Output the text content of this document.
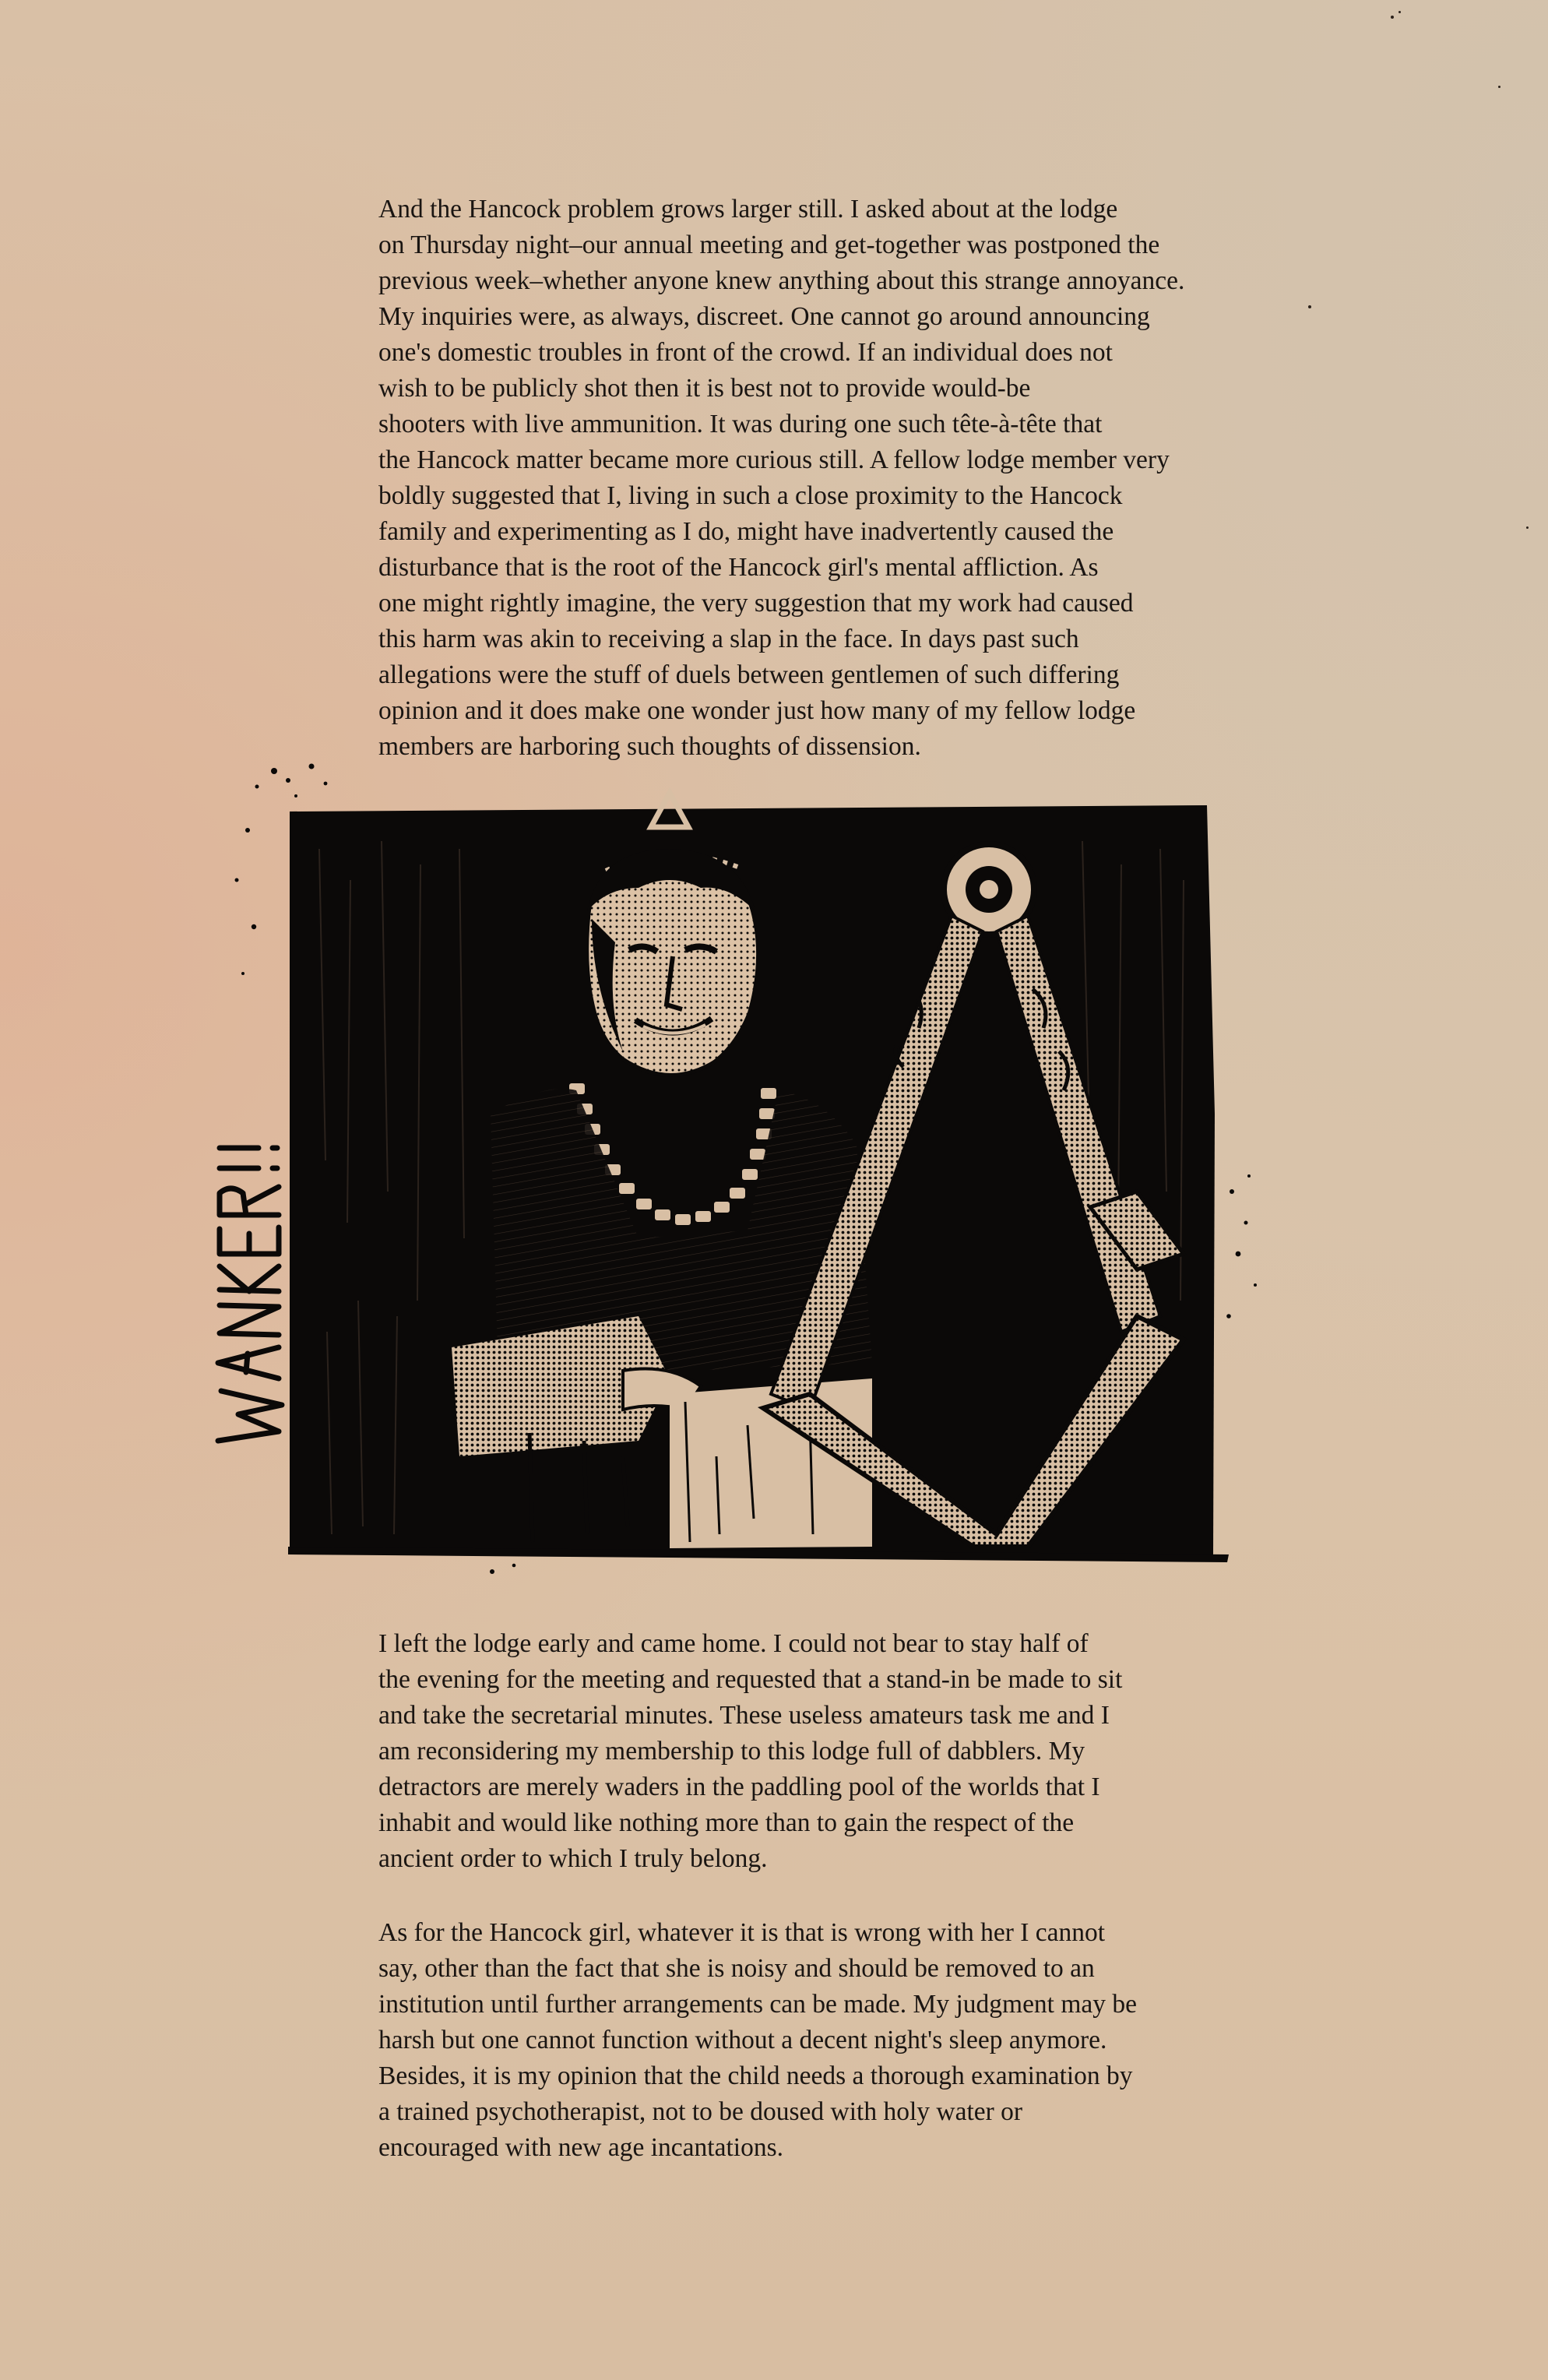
And the Hancock problem grows larger still. I asked about at the lodge
on Thursday night–our annual meeting and get-together was postponed the
previous week–whether anyone knew anything about this strange annoyance.
My inquiries were, as always, discreet. One cannot go around announcing
one's domestic troubles in front of the crowd. If an individual does not
wish to be publicly shot then it is best not to provide would-be
shooters with live ammunition. It was during one such tête-à-tête that
the Hancock matter became more curious still. A fellow lodge member very
boldly suggested that I, living in such a close proximity to the Hancock
family and experimenting as I do, might have inadvertently caused the
disturbance that is the root of the Hancock girl's mental affliction. As
one might rightly imagine, the very suggestion that my work had caused
this harm was akin to receiving a slap in the face. In days past such
allegations were the stuff of duels between gentlemen of such differing
opinion and it does make one wonder just how many of my fellow lodge
members are harboring such thoughts of dissension.
I left the lodge early and came home. I could not bear to stay half of
the evening for the meeting and requested that a stand-in be made to sit
and take the secretarial minutes. These useless amateurs task me and I
am reconsidering my membership to this lodge full of dabblers. My
detractors are merely waders in the paddling pool of the worlds that I
inhabit and would like nothing more than to gain the respect of the
ancient order to which I truly belong.
As for the Hancock girl, whatever it is that is wrong with her I cannot
say, other than the fact that she is noisy and should be removed to an
institution until further arrangements can be made. My judgment may be
harsh but one cannot function without a decent night's sleep anymore.
Besides, it is my opinion that the child needs a thorough examination by
a trained psychotherapist, not to be doused with holy water or
encouraged with new age incantations.
